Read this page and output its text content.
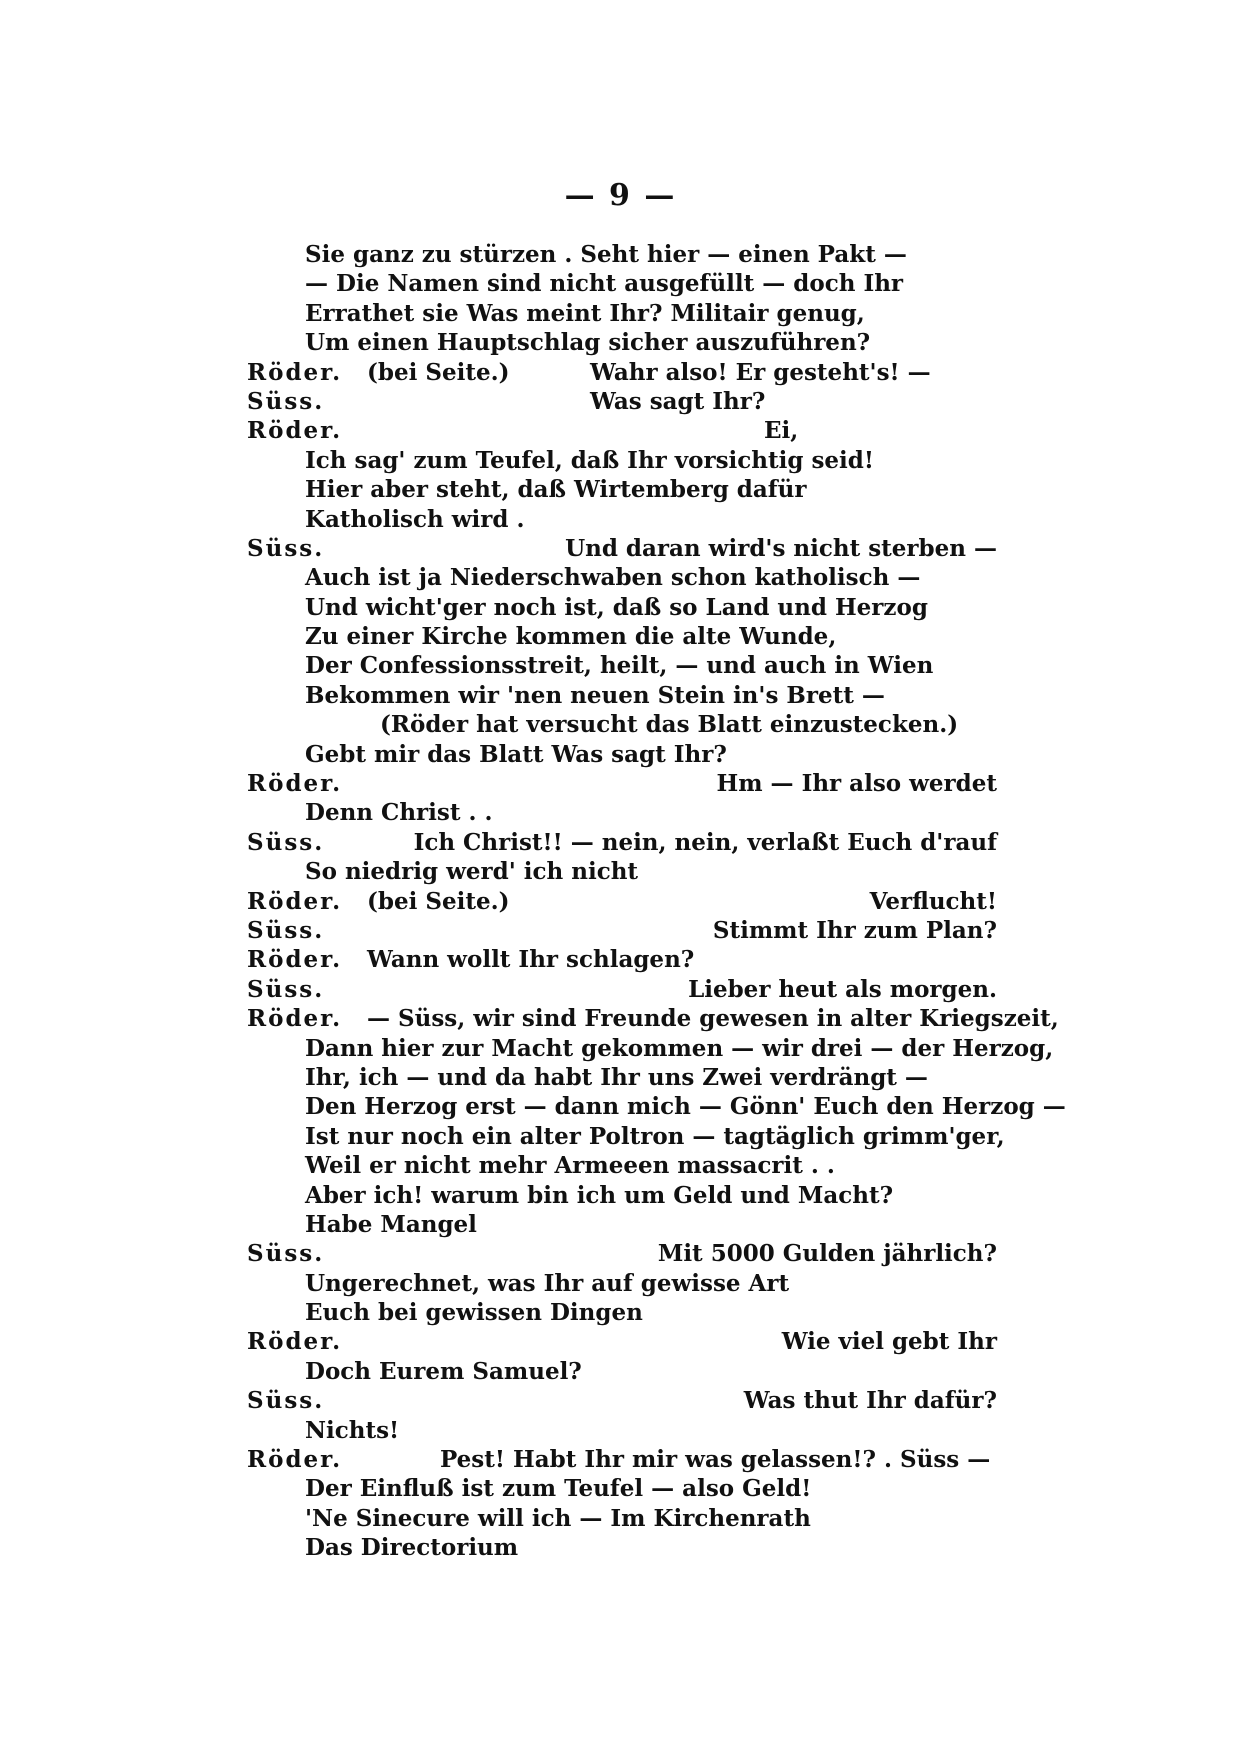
— 9 —
Sie ganz zu stürzen . Seht hier — einen Pakt —
— Die Namen sind nicht ausgefüllt — doch Ihr
Errathet sie Was meint Ihr? Militair genug,
Um einen Hauptschlag sicher auszuführen?
Röder. (bei Seite.)	Wahr also! Er gesteht's! —
Süss.	Was sagt Ihr?
Röder.	Ei,
Ich sag' zum Teufel, daß Ihr vorsichtig seid!
Hier aber steht, daß Wirtemberg dafür
Katholisch wird .
Süss.	Und daran wird's nicht sterben —
Auch ist ja Niederschwaben schon katholisch —
Und wicht'ger noch ist, daß so Land und Herzog
Zu einer Kirche kommen die alte Wunde,
Der Confessionsstreit, heilt, — und auch in Wien
Bekommen wir 'nen neuen Stein in's Brett —
(Röder hat versucht das Blatt einzustecken.)
Gebt mir das Blatt Was sagt Ihr?
Röder.	Hm — Ihr also werdet
Denn Christ . .
Süss.	Ich Christ!! — nein, nein, verlaßt Euch d'rauf
So niedrig werd' ich nicht
Röder. (bei Seite.)	Verflucht!
Süss.	Stimmt Ihr zum Plan?
Röder. Wann wollt Ihr schlagen?
Süss.	Lieber heut als morgen.
Röder. — Süss, wir sind Freunde gewesen in alter Kriegszeit,
Dann hier zur Macht gekommen — wir drei — der Herzog,
Ihr, ich — und da habt Ihr uns Zwei verdrängt —
Den Herzog erst — dann mich — Gönn' Euch den Herzog —
Ist nur noch ein alter Poltron — tagtäglich grimm'ger,
Weil er nicht mehr Armeeen massacrit . .
Aber ich! warum bin ich um Geld und Macht?
Habe Mangel
Süss.	Mit 5000 Gulden jährlich?
Ungerechnet, was Ihr auf gewisse Art
Euch bei gewissen Dingen
Röder.	Wie viel gebt Ihr
Doch Eurem Samuel?
Süss.	Was thut Ihr dafür?
Nichts!
Röder.	Pest! Habt Ihr mir was gelassen!? . Süss —
Der Einfluß ist zum Teufel — also Geld!
'Ne Sinecure will ich — Im Kirchenrath
Das Directorium
